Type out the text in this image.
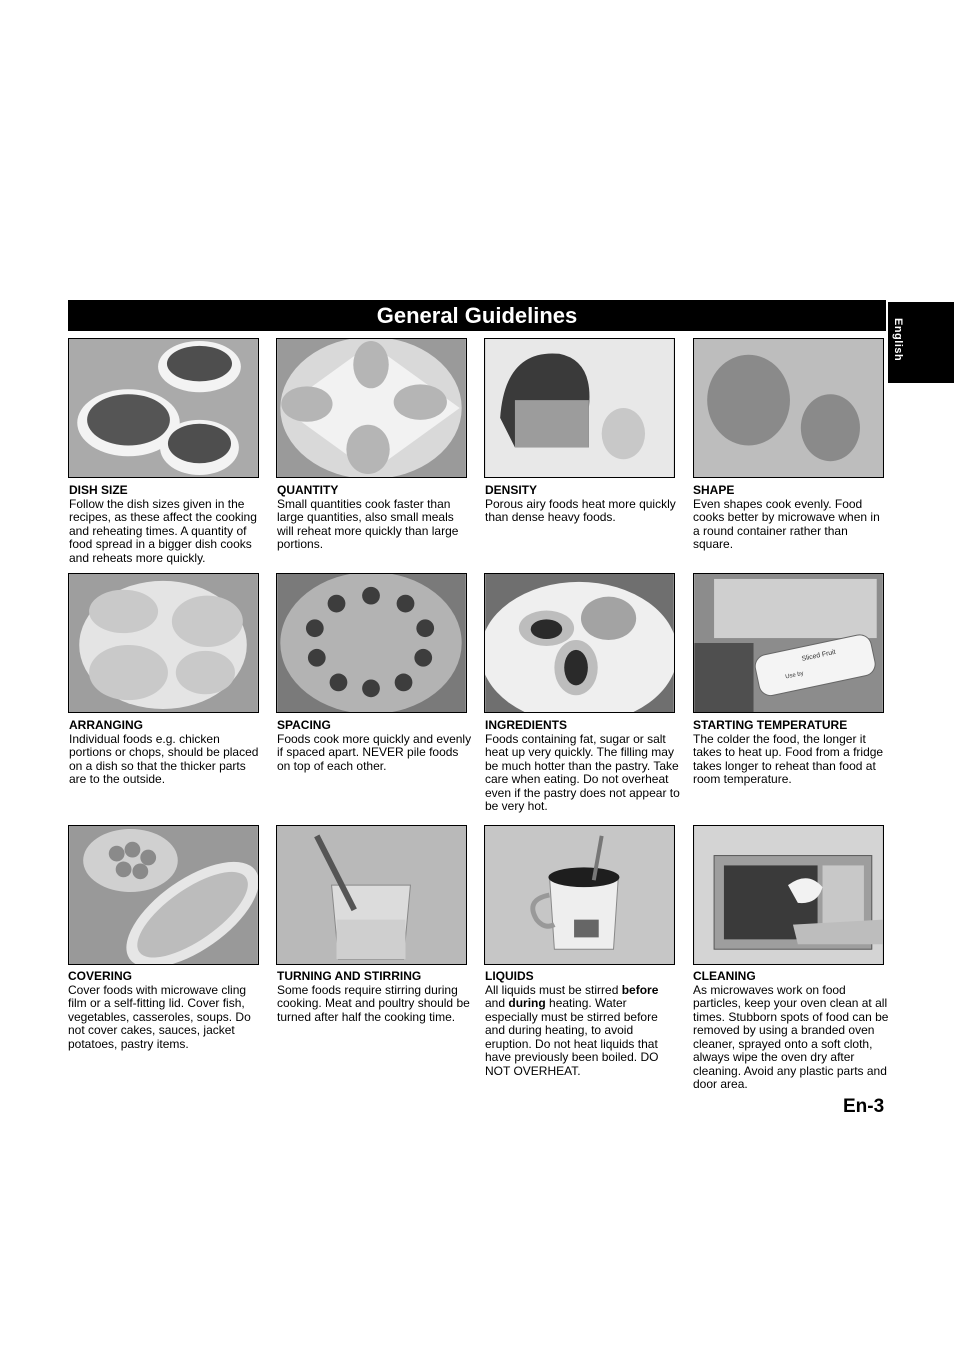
General Guidelines
English
DISH SIZE
Follow the dish sizes given in the recipes, as these affect the cooking and reheating times. A quantity of food spread in a bigger dish cooks and reheats more quickly.
QUANTITY
Small quantities cook faster than large quantities, also small meals will reheat more quickly than large portions.
DENSITY
Porous airy foods heat more quickly than dense heavy foods.
SHAPE
Even shapes cook evenly. Food cooks better by microwave when in a round container rather than square.
Sliced Fruit
Use by
ARRANGING
Individual foods e.g. chicken portions or chops, should be placed on a dish so that the thicker parts are to the outside.
SPACING
Foods cook more quickly and evenly if spaced apart. NEVER pile foods on top of each other.
INGREDIENTS
Foods containing fat, sugar or salt heat up very quickly. The filling may be much hotter than the pastry. Take care when eating. Do not overheat even if the pastry does not appear to be very hot.
STARTING TEMPERATURE
The colder the food, the longer it takes to heat up. Food from a fridge takes longer to reheat than food at room temperature.
COVERING
Cover foods with microwave cling film or a self-fitting lid. Cover fish, vegetables, casseroles, soups. Do not cover cakes, sauces, jacket potatoes, pastry items.
TURNING AND STIRRING
Some foods require stirring during cooking. Meat and poultry should be turned after half the cooking time.
LIQUIDS
All liquids must be stirred before and during heating. Water especially must be stirred before and during heating, to avoid eruption. Do not heat liquids that have previously been boiled. DO NOT OVERHEAT.
CLEANING
As microwaves work on food particles, keep your oven clean at all times. Stubborn spots of food can be removed by using a branded oven cleaner, sprayed onto a soft cloth, always wipe the oven dry after cleaning. Avoid any plastic parts and door area.
En-3
